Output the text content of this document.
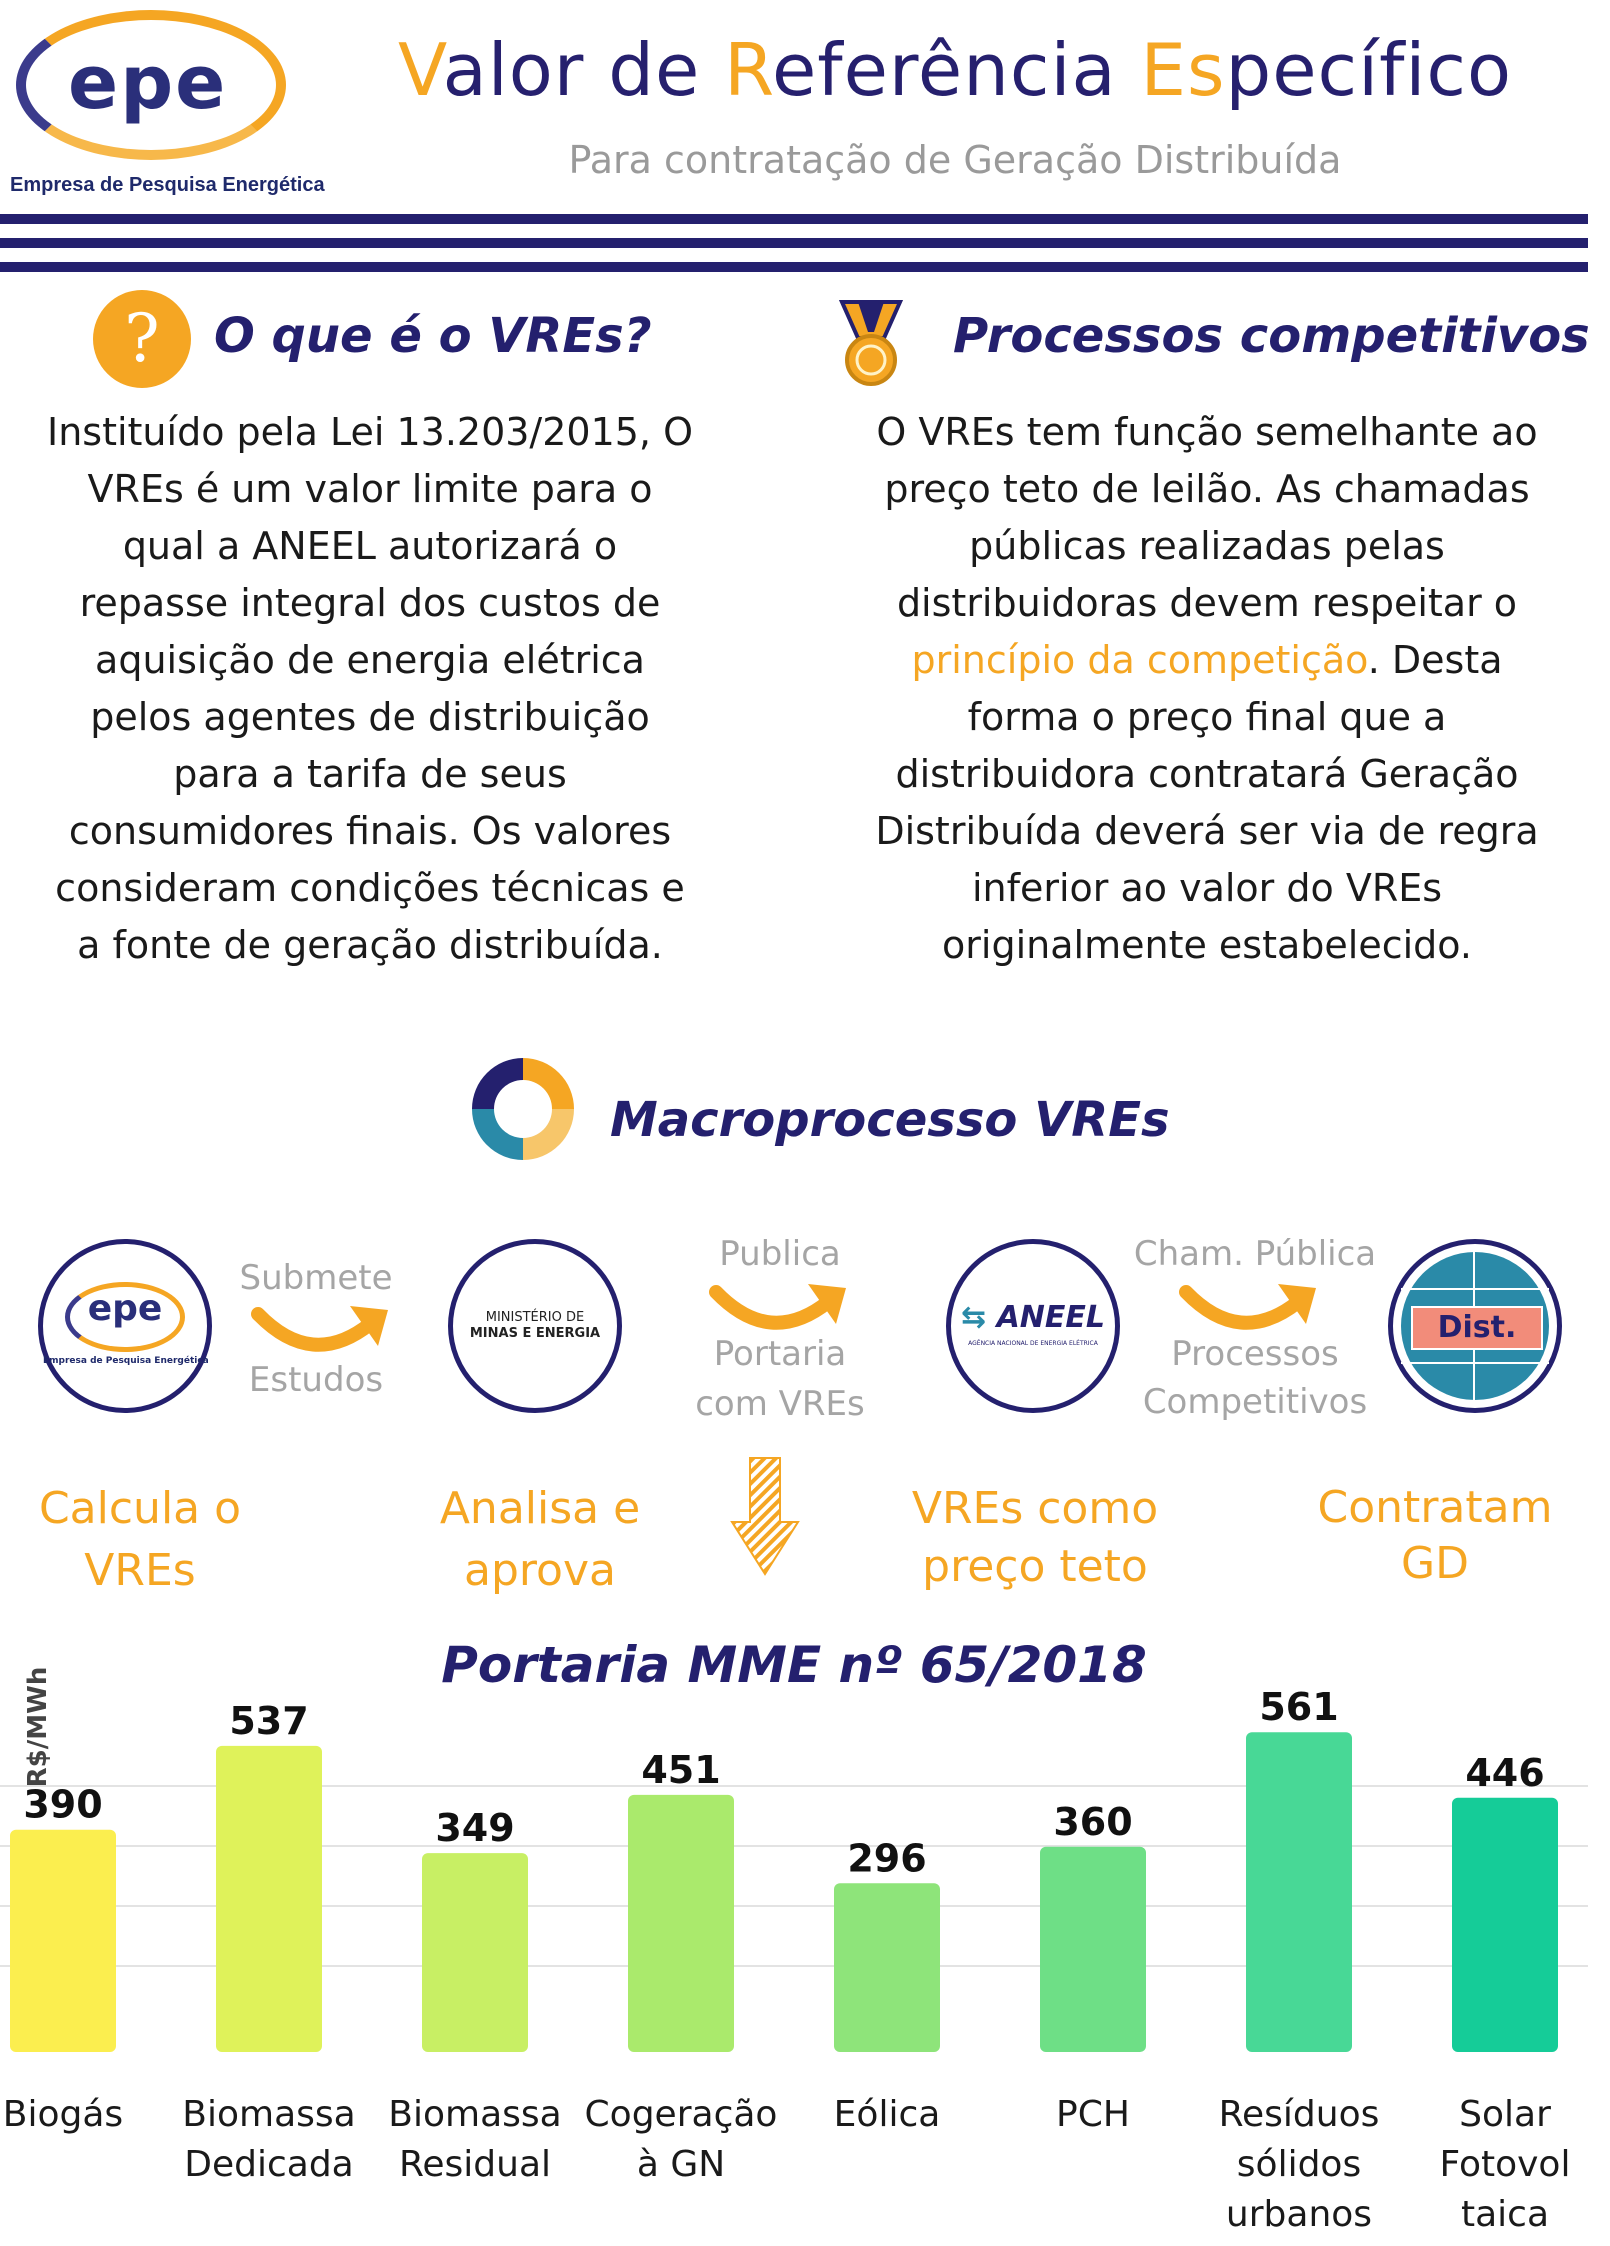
epe
Empresa de Pesquisa Energética
Valor de Referência Específico
Para contratação de Geração Distribuída
?	O que é o VREs?
Instituído pela Lei 13.203/2015, O
VREs é um valor limite para o
qual a ANEEL autorizará o
repasse integral dos custos de
aquisição de energia elétrica
pelos agentes de distribuição
para a tarifa de seus
consumidores finais. Os valores
consideram condições técnicas e
a fonte de geração distribuída.
Processos competitivos
O VREs tem função semelhante ao
preço teto de leilão. As chamadas
públicas realizadas pelas
distribuidoras devem respeitar o
princípio da competição. Desta
forma o preço final que a
distribuidora contratará Geração
Distribuída deverá ser via de regra
inferior ao valor do VREs
originalmente estabelecido.
Macroprocesso VREs
epe
Empresa de Pesquisa Energética
MINISTÉRIO DE
MINAS E ENERGIA	⇆ ANEEL
AGÊNCIA NACIONAL DE ENERGIA ELÉTRICA	Dist.
Submete
Estudos
Publica
Portaria
com VREs
Cham. Pública
Processos
Competitivos
Calcula o
VREs
Analisa e
aprova
VREs como
preço teto
Contratam
GD
Portaria MME nº 65/2018
R$/MWh
390
537
349
451
296
360
561
446
Biogás	Biomassa
Dedicada
Biomassa
Residual
Cogeração
à GN
Eólica	PCH	Resíduos
sólidos
urbanos
Solar
Fotovol
taica
